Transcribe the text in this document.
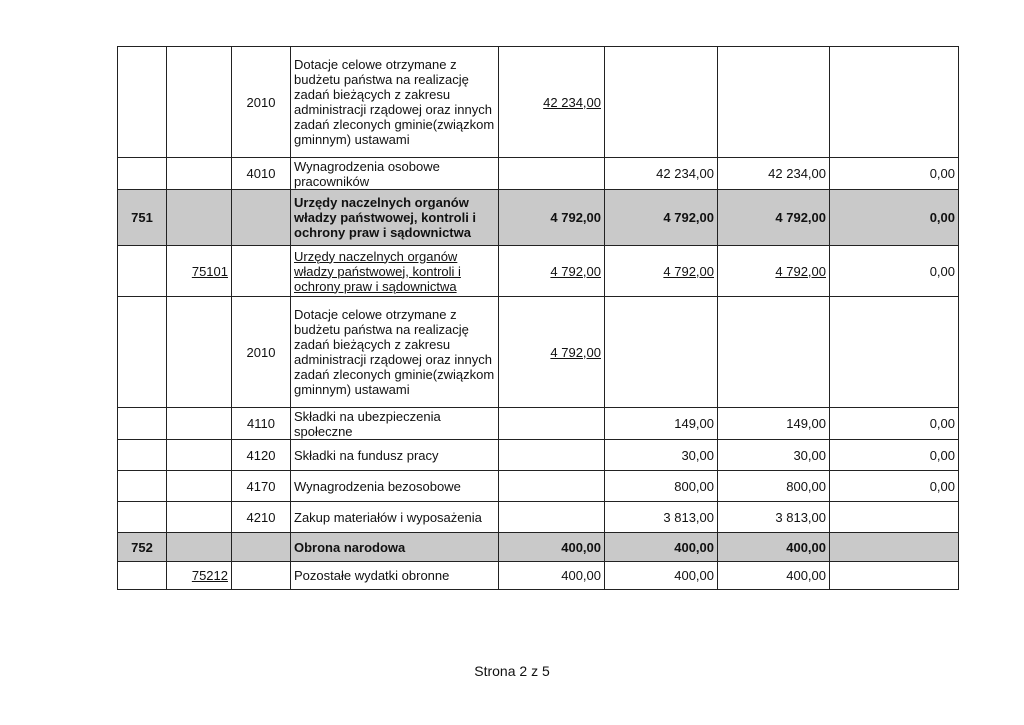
		2010	Dotacje celowe otrzymane z budżetu państwa na realizację zadań bieżących z zakresu administracji rządowej oraz innych zadań zleconych gminie(związkom gminnym) ustawami	42 234,00			
		4010	Wynagrodzenia osobowe pracowników		42 234,00	42 234,00	0,00
751			Urzędy naczelnych organów władzy państwowej, kontroli i ochrony praw i sądownictwa	4 792,00	4 792,00	4 792,00	0,00
	75101		Urzędy naczelnych organów władzy państwowej, kontroli i ochrony praw i sądownictwa	4 792,00	4 792,00	4 792,00	0,00
		2010	Dotacje celowe otrzymane z budżetu państwa na realizację zadań bieżących z zakresu administracji rządowej oraz innych zadań zleconych gminie(związkom gminnym) ustawami	4 792,00			
		4110	Składki na ubezpieczenia społeczne		149,00	149,00	0,00
		4120	Składki na fundusz pracy		30,00	30,00	0,00
		4170	Wynagrodzenia bezosobowe		800,00	800,00	0,00
		4210	Zakup materiałów i wyposażenia		3 813,00	3 813,00	
752			Obrona narodowa	400,00	400,00	400,00	
	75212		Pozostałe wydatki obronne	400,00	400,00	400,00	
Strona 2 z 5
